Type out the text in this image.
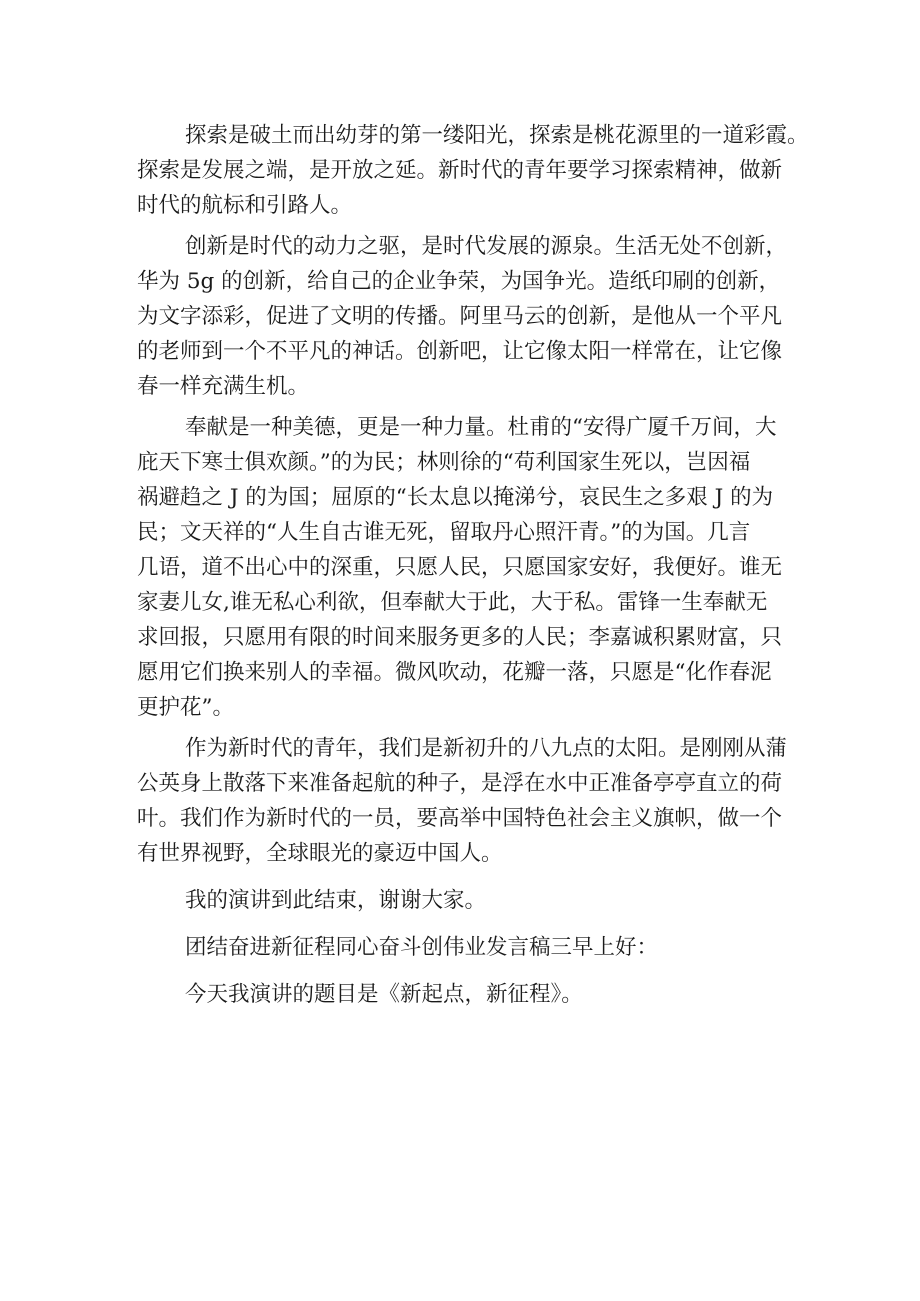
探索是破土而出幼芽的第一缕阳光，探索是桃花源里的一道彩霞。
探索是发展之端，是开放之延。新时代的青年要学习探索精神，做新
时代的航标和引路人。

创新是时代的动力之驱，是时代发展的源泉。生活无处不创新，
华为 5g 的创新，给自己的企业争荣，为国争光。造纸印刷的创新，
为文字添彩，促进了文明的传播。阿里马云的创新，是他从一个平凡
的老师到一个不平凡的神话。创新吧，让它像太阳一样常在，让它像
春一样充满生机。

奉献是一种美德，更是一种力量。杜甫的“安得广厦千万间，大
庇天下寒士俱欢颜。”的为民；林则徐的“苟利国家生死以，岂因福
祸避趋之 J 的为国；屈原的“长太息以掩涕兮，哀民生之多艰 J 的为
民；文天祥的“人生自古谁无死，留取丹心照汗青。”的为国。几言
几语，道不出心中的深重，只愿人民，只愿国家安好，我便好。谁无
家妻儿女,谁无私心利欲，但奉献大于此，大于私。雷锋一生奉献无
求回报，只愿用有限的时间来服务更多的人民；李嘉诚积累财富，只
愿用它们换来别人的幸福。微风吹动，花瓣一落，只愿是“化作春泥
更护花”。

作为新时代的青年，我们是新初升的八九点的太阳。是刚刚从蒲
公英身上散落下来准备起航的种子，是浮在水中正准备亭亭直立的荷
叶。我们作为新时代的一员，要高举中国特色社会主义旗帜，做一个
有世界视野，全球眼光的豪迈中国人。

我的演讲到此结束，谢谢大家。

团结奋进新征程同心奋斗创伟业发言稿三早上好：

今天我演讲的题目是《新起点，新征程》。
